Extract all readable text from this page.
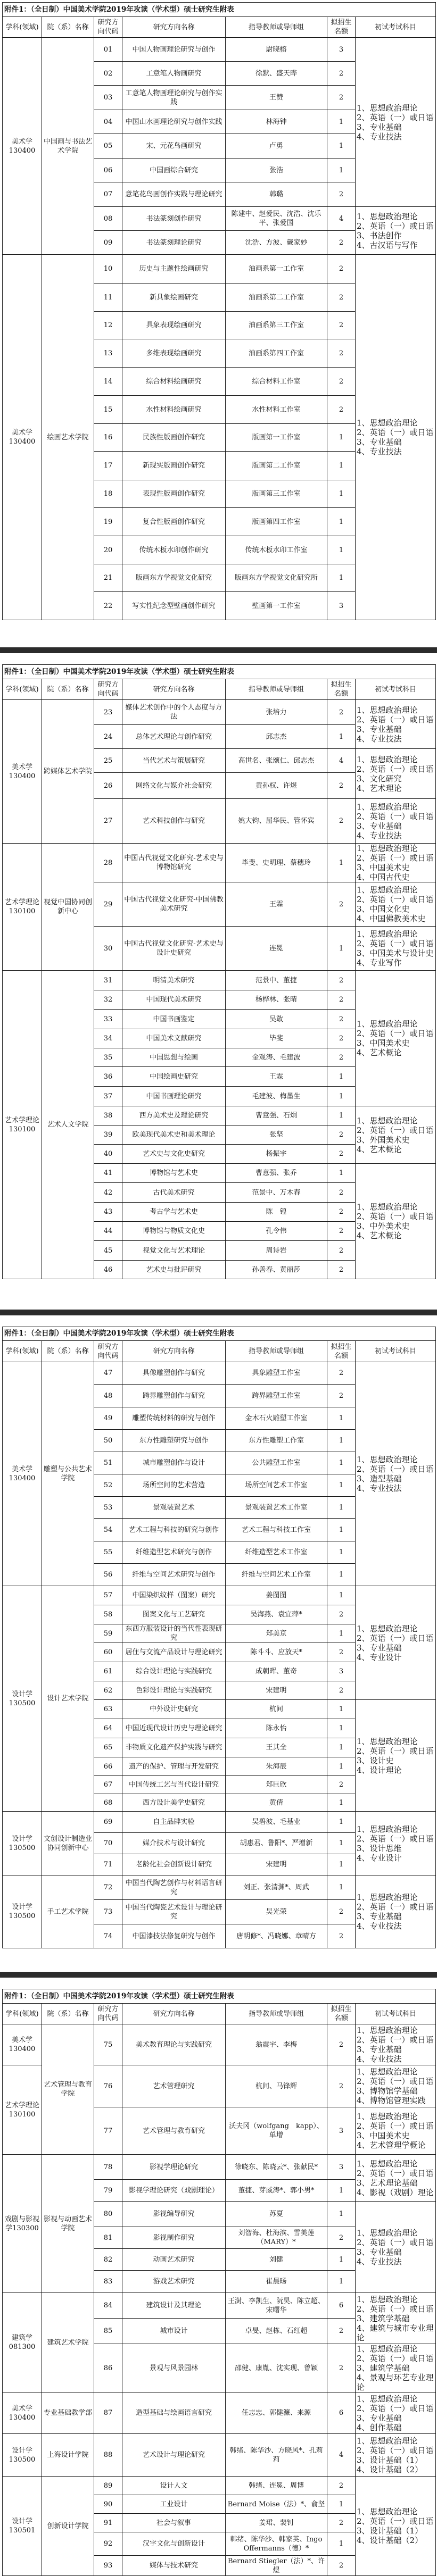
附件1：（全日制）中国美术学院2019年攻读（学术型）硕士研究生附表						
学科(领域)	院（系）名称	研究方
向代码	研究方向名称	指导教师或导师组	拟招生
名额	初试考试科目
美术学
130400	中国画与书法艺术学院	01	中国人物画理论研究与创作	尉晓榕	3	1、思想政治理论
2、英语（一）或日语
3、专业基础
4、专业技法
		02	工意笔人物画研究	徐默、盛天晔	2	
		03	工意笔人物画理论研究与创作实践	王赞	2	
		04	中国山水画理论研究与创作实践	林海钟	1	
		05	宋、元花鸟画研究	卢勇	1	
		06	中国画综合研究	张浩	1	
		07	意笔花鸟画创作实践与理论研究	韩璐	2	
		08	书法篆刻创作研究	陈建中、赵爱民、沈浩、沈乐平、张爱国	4	1、思想政治理论
2、英语（一）或日语
3、书法创作
4、古汉语与写作
		09	书法篆刻理论研究	沈浩、方波、戴家妙	2	
美术学
130400	绘画艺术学院	10	历史与主题性绘画研究	油画系第一工作室	2	1、思想政治理论
2、英语（一）或日语
3、专业基础
4、专业技法
		11	新具象绘画研究	油画系第二工作室	2	
		12	具象表现绘画研究	油画系第三工作室	2	
		13	多维表现绘画研究	油画系第四工作室	2	
		14	综合材料绘画研究	综合材料工作室	2	
		15	水性材料绘画研究	水性材料工作室	2	
		16	民族性版画创作研究	版画第一工作室	1	
		17	新现实版画创作研究	版画第二工作室	1	
		18	表现性版画创作研究	版画第三工作室	1	
		19	复合性版画创作研究	版画第四工作室	1	
		20	传统木板水印创作研究	传统木板水印工作室	1	
		21	版画东方学视觉文化研究	版画东方学视觉文化研究所	1	
		22	写实性纪念型壁画创作研究	壁画第一工作室	3	
附件1：（全日制）中国美术学院2019年攻读（学术型）硕士研究生附表						
学科(领域)	院（系）名称	研究方
向代码	研究方向名称	指导教师或导师组	拟招生
名额	初试考试科目
美术学
130400	跨媒体艺术学院	23	媒体艺术创作中的个人态度与方法	张培力	2	1、思想政治理论
2、英语（一）或日语
3、专业基础
4、专业技法
		24	总体艺术理论与创作研究	邱志杰	1	
		25	当代艺术与策展研究	高世名、张颂仁、邱志杰	4	1、思想政治理论
2、英语（一）或日语
3、文化研究
4、艺术理论
		26	网络文化与媒介社会研究	黄孙权、许煜	2	
		27	艺术科技创作与研究	姚大钧、屈华民、管怀宾	2	1、思想政治理论
2、英语（一）或日语
3、专业基础
4、专业技法
艺术学理论
130100	视觉中国协同创新中心	28	中国古代视觉文化研究-艺术史与博物馆研究	毕斐、史明理、蔡穗玲	1	1、思想政治理论
2、英语（一）或日语
3、中国美术史
4、中国古代史
		29	中国古代视觉文化研究-中国佛教美术研究	王霖	2	1、思想政治理论
2、英语（一）或日语
3、中国文化史
4、中国佛教美术史
		30	中国古代视觉文化研究-艺术史与设计史研究	连冕	1	1、思想政治理论
2、英语（一）或日语
3、中国美术与设计史
4、专业写作
艺术学理论
130100	艺术人文学院	31	明清美术研究	范景中、董捷	2	1、思想政治理论
2、英语（一）或日语
3、中国美术史
4、艺术概论
		32	中国现代美术研究	杨桦林、张晴	2	
		33	中国书画鉴定	吴敢	2	
		34	中国美术文献研究	毕斐	2	
		35	中国思想与绘画	金观涛、毛建波	2	
		36	中国绘画史研究	王霖	1	
		37	中国书画理论研究	毛建波、梅墨生	1	
		38	西方美术史及理论研究	曹意强、石炯	1	1、思想政治理论
2、英语（一）或日语
3、外国美术史
4、艺术概论
		39	欧美现代美术史和美术理论	张坚	2	
		40	艺术史与文化史研究	杨振宇	2	
		41	博物馆与艺术史	曹意强、张乔	1	1、思想政治理论
2、英语（一）或日语
3、中外美术史
4、艺术概论
		42	古代美术研究	范景中、万木春	2	
		43	考古学与艺术史	陈　锽	2	
		44	博物馆与物质文化史	孔令伟	2	
		45	视觉文化与艺术理论	周诗岩	2	
		46	艺术史与批评研究	孙善春、黄丽莎	2	
附件1：（全日制）中国美术学院2019年攻读（学术型）硕士研究生附表						
学科(领域)	院（系）名称	研究方
向代码	研究方向名称	指导教师或导师组	拟招生
名额	初试考试科目
美术学
130400	雕塑与公共艺术学院	47	具像雕塑创作与研究	具象雕塑工作室	2	1、思想政治理论
2、英语（一）或日语
3、造型基础
4、专业技法
		48	跨界雕塑创作与研究	跨界雕塑工作室	2	
		49	雕塑传统材料的研究与创作	金木石火雕塑工作室	1	
		50	东方性雕塑研究与创作	东方性雕塑工作室	1	
		51	城市雕塑创作与设计	公共雕塑工作室	1	
		52	场所空间的艺术营造	场所空间艺术工作室	1	
		53	景观装置艺术	景观装置艺术工作室	1	
		54	艺术工程与科技的研究与创作	艺术工程与科技工作室	1	
		55	纤维造型艺术研究与创作	纤维造型艺术工作室	1	
		56	纤维与空间艺术研究与创作	纤维与空间艺术工作室	1	
设计学
130500	设计艺术学院	57	中国染织纹样（图案）研究	姜图图	1	1、思想政治理论
2、英语（一）或日语
3、专业基础
4、专业设计
		58	图案文化与工艺研究	吴海燕、袁宜萍*	2	
		59	东西方服装设计的当代性表现研究	郑美京	1	
		60	居住与交流产品设计与理论研究	陈斗斗、应放天*	2	
		61	综合设计理论与实践研究	成朝晖、董奇	3	
		62	色彩设计理论与实践研究	宋建明	2	
		63	中外设计史研究	杭间	1	1、思想政治理论
2、英语（一）或日语
3、设计史
4、设计理论
		64	中国近现代设计历史与理论研究	陈永怡	1	
		65	非物质文化遗产保护实践与研究	王其全	1	
		66	遗产的保护、管理与开发研究	朱海辰	1	
		67	中国传统工艺与当代设计研究	郑巨欣	2	
		68	西方设计美学史研究	黄倩	1	
设计学
130500	文创设计制造业协同创新中心	69	自主品牌实验	吴碧波、毛基业	1	1、思想政治理论
2、英语（一）或日语
3、设计思维
4、专业设计
		70	媒介技术与设计研究	胡惠君、鲁阳*、严增新	1	
		71	老龄化社会创新设计研究	宋建明	1	
设计学
130500	手工艺术学院	72	中国当代陶艺创作与材料语言研究	刘正、张清渊*、周武	1	1、思想政治理论
2、英语（一）或日语
3、专业基础
4、专业技法
		73	中国当代陶瓷艺术设计与理论研究	吴光荣	2	
		74	中国漆技法修复研究与创作	唐明修*、冯晓娜、章晴方	2	
附件1：（全日制）中国美术学院2019年攻读（学术型）硕士研究生附表						
学科(领域)	院（系）名称	研究方
向代码	研究方向名称	指导教师或导师组	拟招生
名额	初试考试科目
美术学
130400	艺术管理与教育学院	75	美术教育理论与实践研究	翁震宇、李梅	2	1、思想政治理论
2、英语（一）或日语
3、专业基础
4、专业技法
艺术学理论
130100		76	艺术管理研究	杭间、马锋辉	2	1、思想政治理论
2、英语（一）或日语
3、博物馆学基础
4、博物馆管理实践
		77	艺术管理与教育研究	沃夫冈（wolfgang　kapp）、单增	3	1、思想政治理论
2、英语（一）或日语
3、中国美术史
4、艺术管理学概论
戏剧与影视学130300	影视与动画艺术学院	78	影视学理论研究	徐晓东、陈晓云*、张献民*	3	1、思想政治理论
2、英语（一）或日语
3、艺术理论基础
4、影视（戏剧）理论
		79	影视学理论研究（戏剧理论）	董捷、芽威涛*、郭小男*	1	
		80	影视编导研究	苏夏	1	1、思想政治理论
2、英语（一）或日语
3、专业基础
4、专业技法
		81	影视制作研究	刘智海、杜海滨、雪美莲（MARY）*	2	
		82	动画艺术研究	刘健	1	
		83	游戏艺术研究	崔晨旸	1	
建筑学
081300	建筑艺术学院	84	建筑设计及其理论	王澍、李凯生、阮昊、陈立超、宋曙华	6	1、思想政治理论
2、英语（一）或日语
3、建筑学基础
4、建筑与城市专业理论
		85	城市设计	卓旻、赵栋、石红超	2	
		86	景观与风景园林	邵健、康胤、沈实现、曾颖	2	1、思想政治理论
2、英语（一）或日语
3、建筑学基础
4、景观与环艺专业理论
美术学
130400	专业基础教学部	87	造型基础与绘画语言研究	任志忠、郭健濂、来源	6	1、思想政治理论
2、英语（一）或日语
3、专业基础
4、创作基础
设计学
130500	上海设计学院	88	艺术设计与理论研究	韩绪、陈华沙、方晓风*、孔莉莉	4	1、思想政治理论
2、英语（一）或日语
3、设计基础（1）
4、设计基础（2）
设计学
130501	创新设计学院	89	设计人文	韩绪、连冕、周博	2	1、思想政治理论
2、英语（一）或日语
3、设计基础（1）
4、设计基础（2）
		90	工业设计	Bernard Moise（法）*、俞坚	1	
		91	社会与叙事	姜珺、裴钊	2	
		92	汉字文化与创新设计	韩绪、陈华沙、韩家英、Ingo Offermanns（德）*	1	
		93	媒体与技术研究	Bernard Stiegler（法）*、许煜	2	
